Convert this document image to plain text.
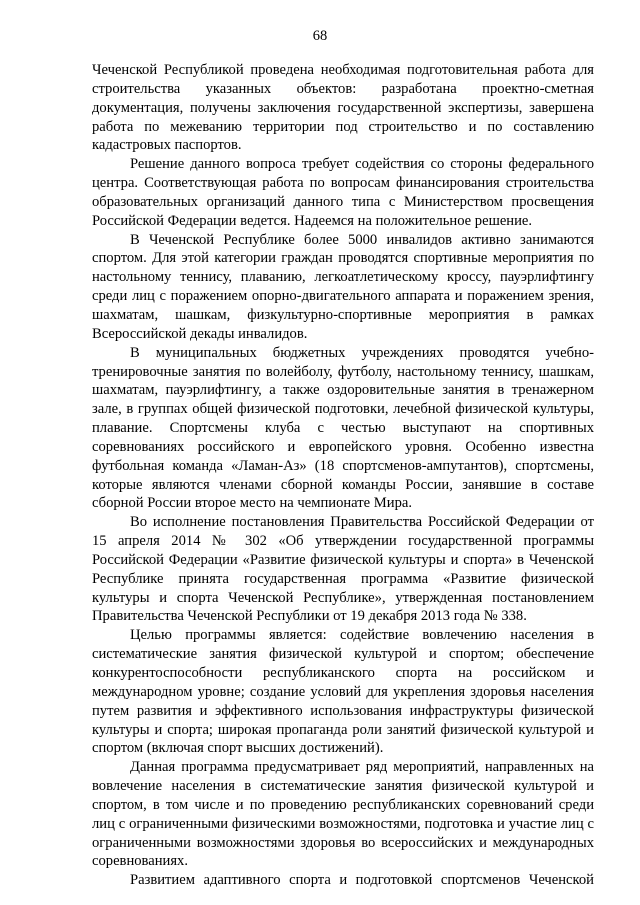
68

Чеченской Республикой проведена необходимая подготовительная работа для строительства указанных объектов: разработана проектно-сметная документация, получены заключения государственной экспертизы, завершена работа по межеванию территории под строительство и по составлению кадастровых паспортов.

Решение данного вопроса требует содействия со стороны федерального центра. Соответствующая работа по вопросам финансирования строительства образовательных организаций данного типа с Министерством просвещения Российской Федерации ведется. Надеемся на положительное решение.

В Чеченской Республике более 5000 инвалидов активно занимаются спортом. Для этой категории граждан проводятся спортивные мероприятия по настольному теннису, плаванию, легкоатлетическому кроссу, пауэрлифтингу среди лиц с поражением опорно-двигательного аппарата и поражением зрения, шахматам, шашкам, физкультурно-спортивные мероприятия в рамках Всероссийской декады инвалидов.

В муниципальных бюджетных учреждениях проводятся учебно-тренировочные занятия по волейболу, футболу, настольному теннису, шашкам, шахматам, пауэрлифтингу, а также оздоровительные занятия в тренажерном зале, в группах общей физической подготовки, лечебной физической культуры, плавание. Спортсмены клуба с честью выступают на спортивных соревнованиях российского и европейского уровня. Особенно известна футбольная команда «Ламан-Аз» (18 спортсменов-ампутантов), спортсмены, которые являются членами сборной команды России, занявшие в составе сборной России второе место на чемпионате Мира.

Во исполнение постановления Правительства Российской Федерации от 15 апреля 2014 № 302 «Об утверждении государственной программы Российской Федерации «Развитие физической культуры и спорта» в Чеченской Республике принята государственная программа «Развитие физической культуры и спорта Чеченской Республике», утвержденная постановлением Правительства Чеченской Республики от 19 декабря 2013 года № 338.

Целью программы является: содействие вовлечению населения в систематические занятия физической культурой и спортом; обеспечение конкурентоспособности республиканского спорта на российском и международном уровне; создание условий для укрепления здоровья населения путем развития и эффективного использования инфраструктуры физической культуры и спорта; широкая пропаганда роли занятий физической культурой и спортом (включая спорт высших достижений).

Данная программа предусматривает ряд мероприятий, направленных на вовлечение населения в систематические занятия физической культурой и спортом, в том числе и по проведению республиканских соревнований среди лиц с ограниченными физическими возможностями, подготовка и участие лиц с ограниченными возможностями здоровья во всероссийских и международных соревнованиях.

Развитием адаптивного спорта и подготовкой спортсменов Чеченской
